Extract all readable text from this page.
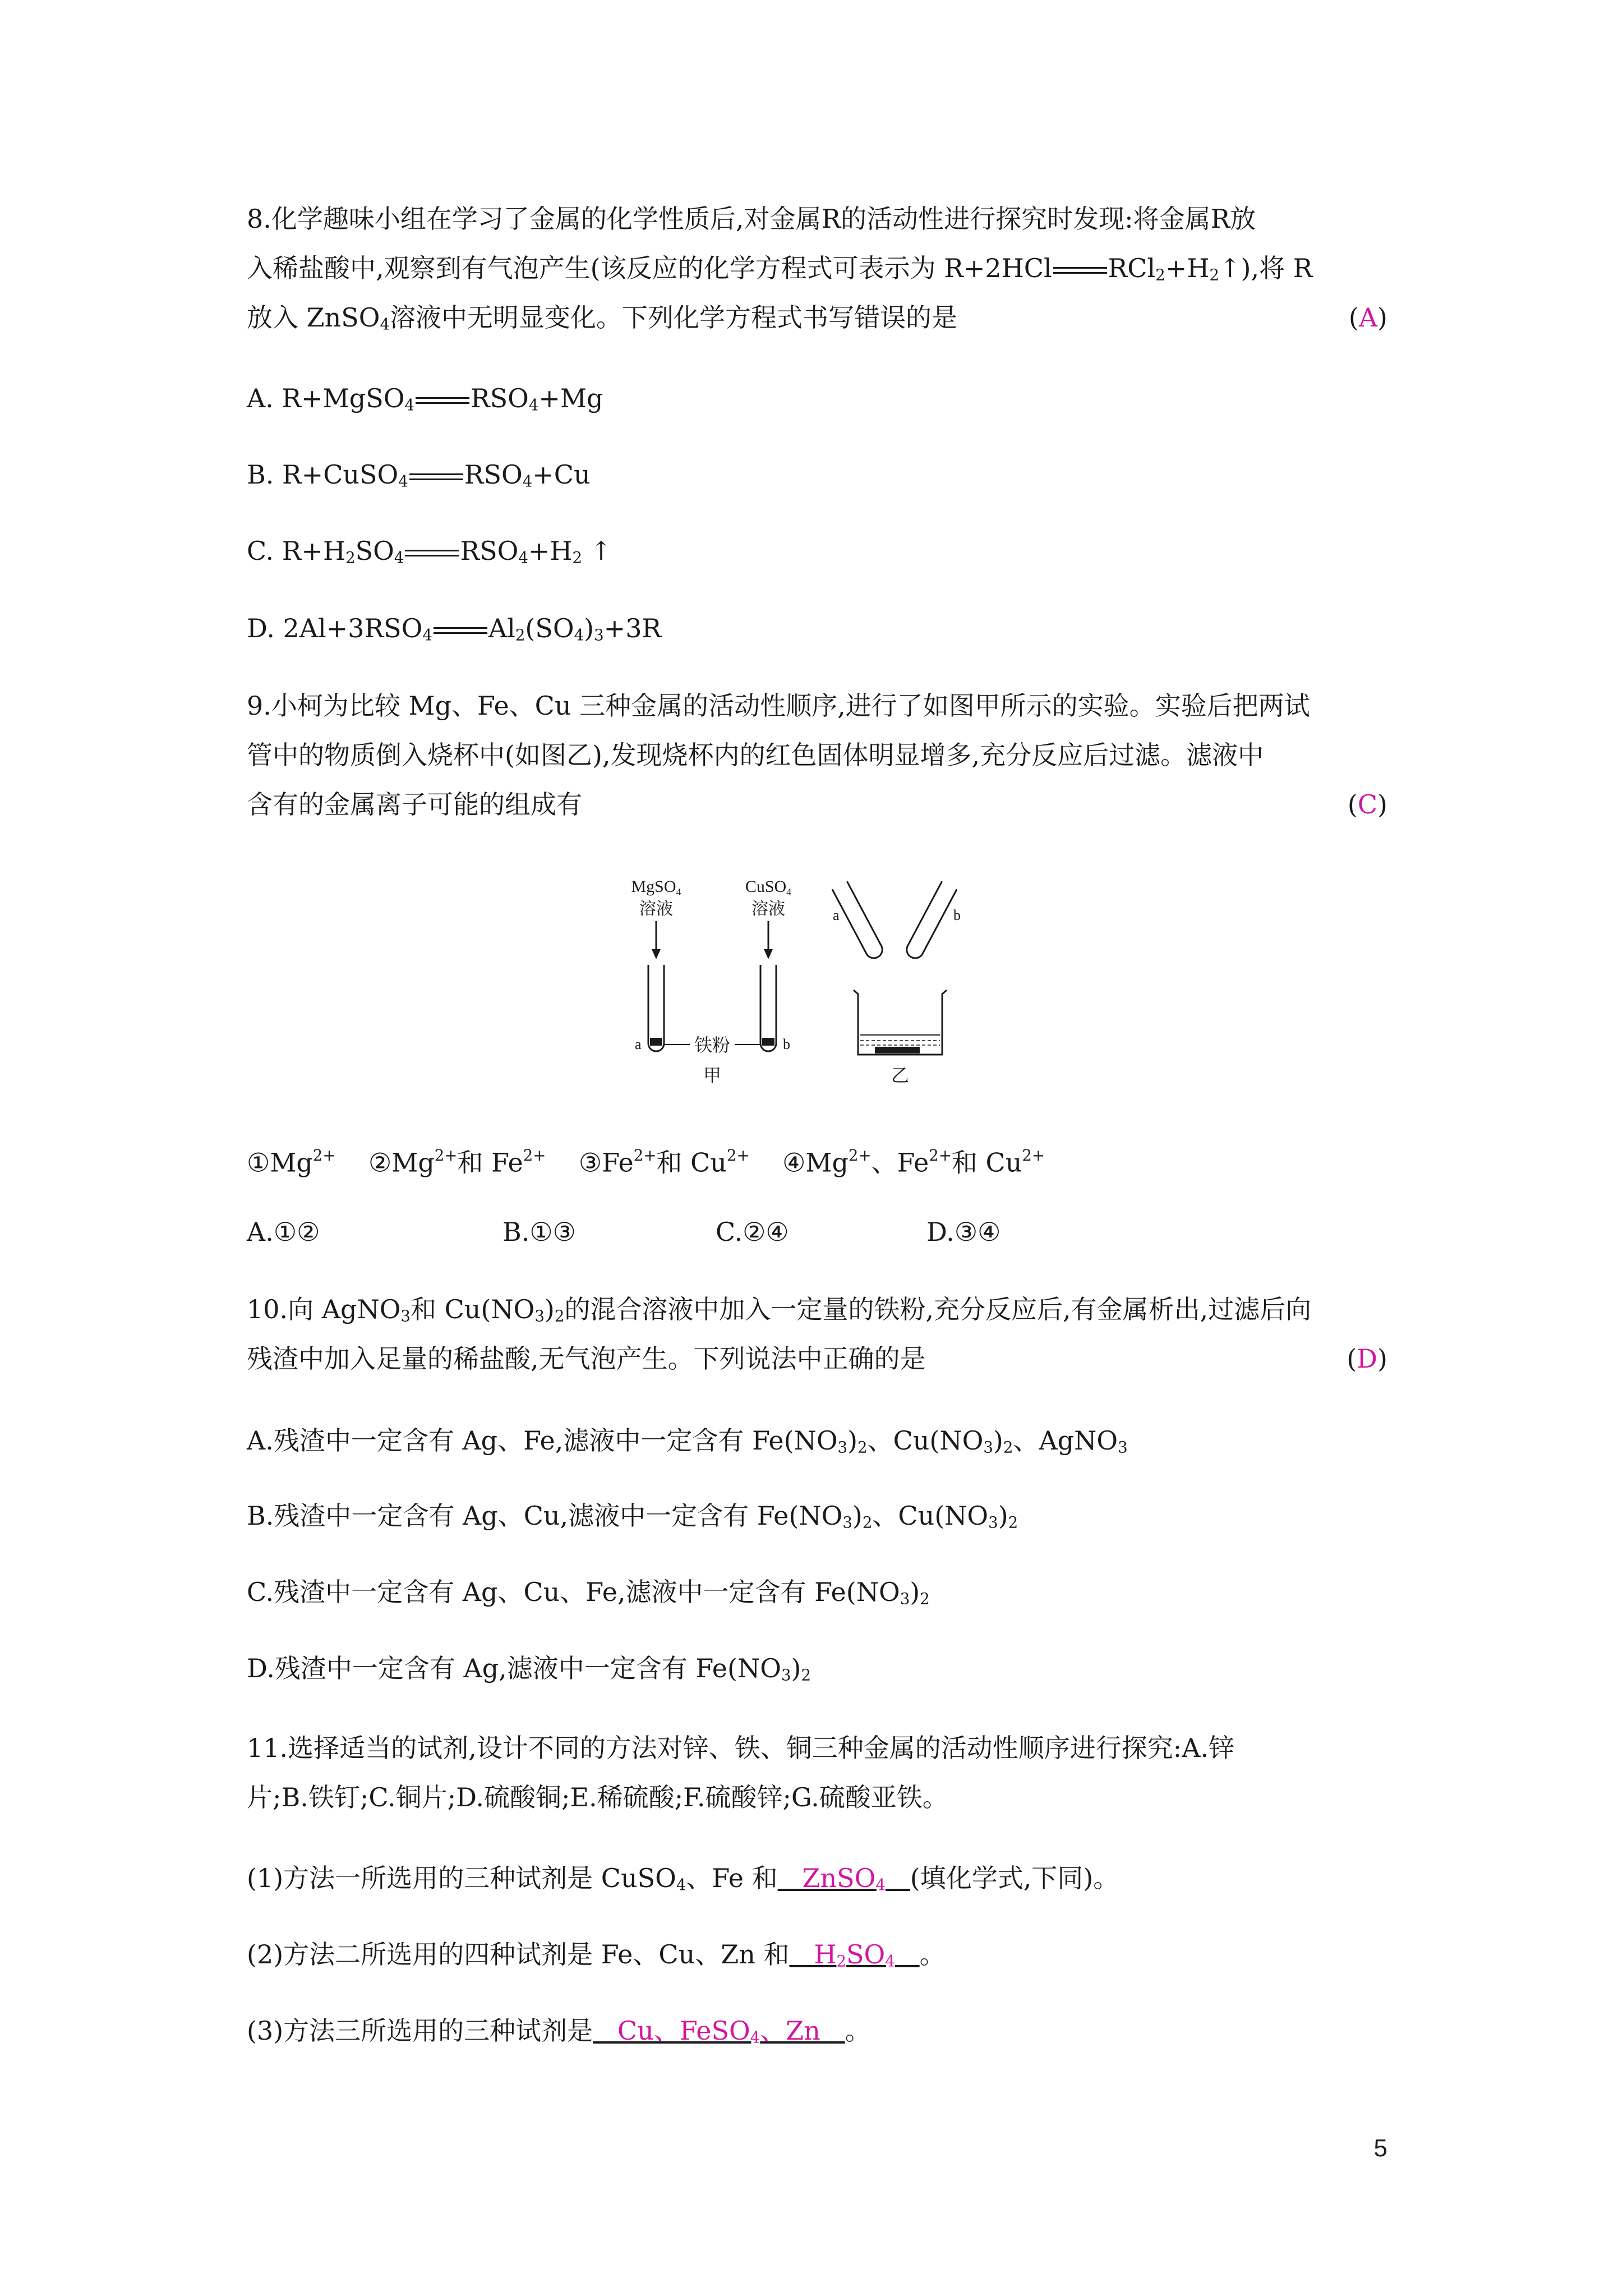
8.化学趣味小组在学习了金属的化学性质后,对金属R的活动性进行探究时发现:将金属R放
入稀盐酸中,观察到有气泡产生(该反应的化学方程式可表示为 R+2HCl $RCl_2+H_2↑$),将 R
放入 ZnSO$_4$溶液中无明显变化。下列化学方程式书写错误的是	(A)
A. R+MgSO$_4$ $RSO_4+Mg$
B. R+CuSO$_4$ $RSO_4+Cu$
C. $R+H_2SO_4$ $RSO_4+H_2$ ↑
D. $2Al+3RSO_4$ $Al_2(SO_4)_3+3R$
9.小柯为比较 Mg、Fe、Cu 三种金属的活动性顺序,进行了如图甲所示的实验。实验后把两试
管中的物质倒入烧杯中(如图乙),发现烧杯内的红色固体明显增多,充分反应后过滤。滤液中
含有的金属离子可能的组成有	(C)
MgSO$_4$
溶液
CuSO$_4$
溶液
a	b
铁粉
甲
a	b
乙
$①Mg^{2+}$ $②Mg^{2+}$和 $Fe^{2+}$ $③Fe^{2+}$和 $Cu^{2+}$ $④Mg^{2+}$、$Fe^{2+}$和 $Cu^{2+}$
A.①②	B.①③	C.②④	D.③④
10.向 AgNO$_3$和 $Cu(NO_3)_2$的混合溶液中加入一定量的铁粉,充分反应后,有金属析出,过滤后向
残渣中加入足量的稀盐酸,无气泡产生。下列说法中正确的是	(D)
A.残渣中一定含有 Ag、Fe,滤液中一定含有 $Fe(NO_3)_2$、$Cu(NO_3)_2$、AgNO$_3$
B.残渣中一定含有 Ag、Cu,滤液中一定含有 $Fe(NO_3)_2$、$Cu(NO_3)_2$
C.残渣中一定含有 Ag、Cu、Fe,滤液中一定含有 $Fe(NO_3)_2$
D.残渣中一定含有 Ag,滤液中一定含有 $Fe(NO_3)_2$
11.选择适当的试剂,设计不同的方法对锌、铁、铜三种金属的活动性顺序进行探究:A.锌
片;B.铁钉;C.铜片;D.硫酸铜;E.稀硫酸;F.硫酸锌;G.硫酸亚铁。
(1)方法一所选用的三种试剂是 CuSO$_4$、Fe 和 ZnSO$_4$ (填化学式,下同)。
(2)方法二所选用的四种试剂是 Fe、Cu、Zn 和 $H_2SO_4$ 。
(3)方法三所选用的三种试剂是 Cu、FeSO$_4$、Zn 。
5
